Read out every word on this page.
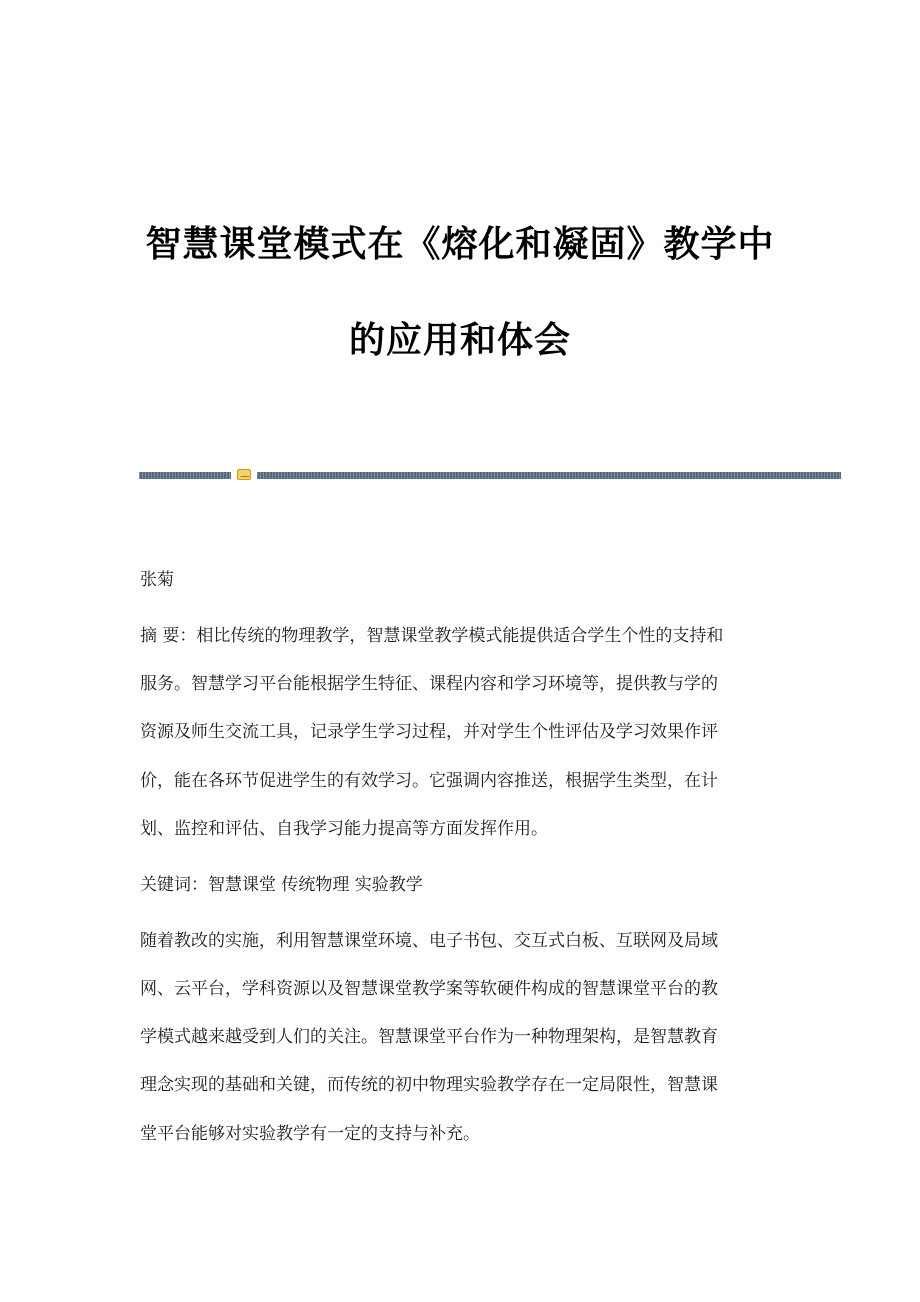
智慧课堂模式在《熔化和凝固》教学中
的应用和体会
张菊
摘 要：相比传统的物理教学，智慧课堂教学模式能提供适合学生个性的支持和
服务。智慧学习平台能根据学生特征、课程内容和学习环境等，提供教与学的
资源及师生交流工具，记录学生学习过程，并对学生个性评估及学习效果作评
价，能在各环节促进学生的有效学习。它强调内容推送，根据学生类型，在计
划、监控和评估、自我学习能力提高等方面发挥作用。
关键词：智慧课堂 传统物理 实验教学
随着教改的实施，利用智慧课堂环境、电子书包、交互式白板、互联网及局域
网、云平台，学科资源以及智慧课堂教学案等软硬件构成的智慧课堂平台的教
学模式越来越受到人们的关注。智慧课堂平台作为一种物理架构，是智慧教育
理念实现的基础和关键，而传统的初中物理实验教学存在一定局限性，智慧课
堂平台能够对实验教学有一定的支持与补充。
